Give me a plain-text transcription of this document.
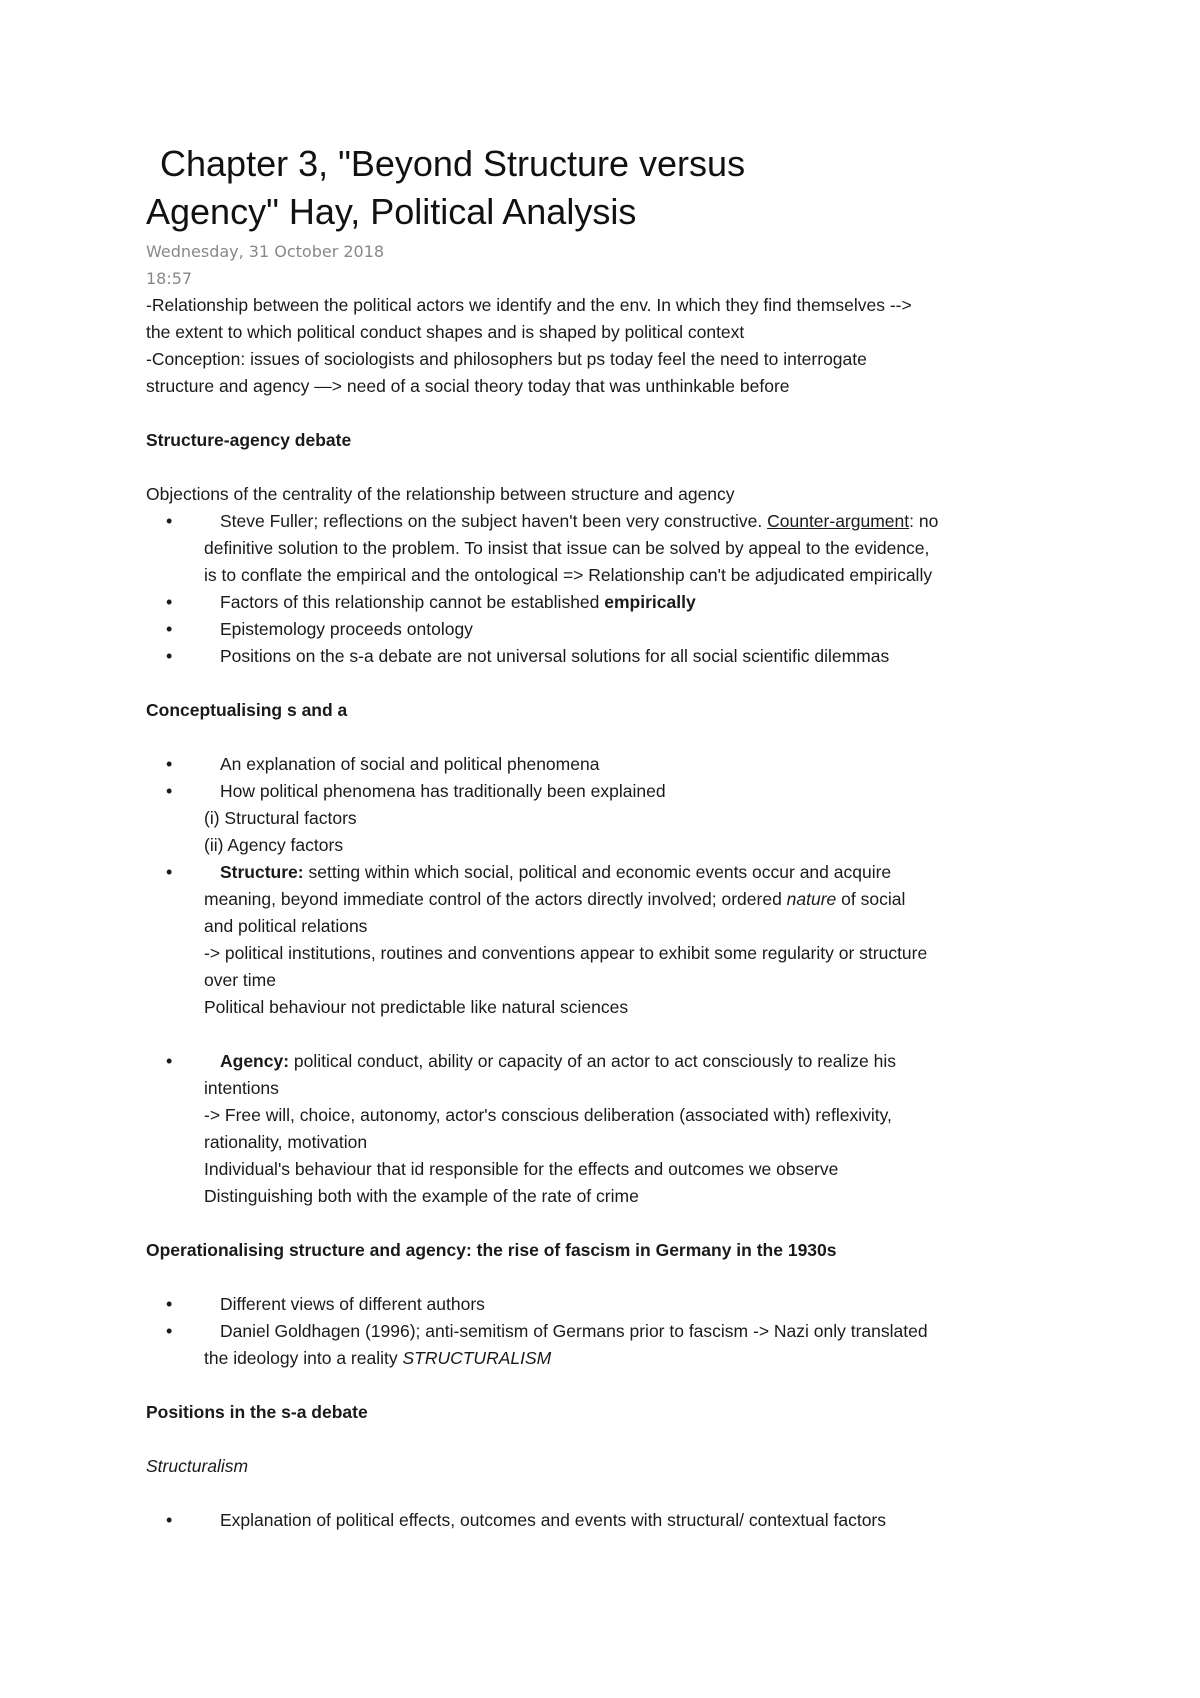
Chapter 3, "Beyond Structure versus
Agency" Hay, Political Analysis
Wednesday, 31 October 2018
18:57
-Relationship between the political actors we identify and the env. In which they find themselves -->
the extent to which political conduct shapes and is shaped by political context
-Conception: issues of sociologists and philosophers but ps today feel the need to interrogate
structure and agency —> need of a social theory today that was unthinkable before
Structure-agency debate
Objections of the centrality of the relationship between structure and agency
•	Steve Fuller; reflections on the subject haven't been very constructive. Counter-argument: no
definitive solution to the problem. To insist that issue can be solved by appeal to the evidence,
is to conflate the empirical and the ontological => Relationship can't be adjudicated empirically
•	Factors of this relationship cannot be established empirically
•	Epistemology proceeds ontology
•	Positions on the s-a debate are not universal solutions for all social scientific dilemmas
Conceptualising s and a
•	An explanation of social and political phenomena
•	How political phenomena has traditionally been explained
(i) Structural factors
(ii) Agency factors
•	Structure: setting within which social, political and economic events occur and acquire
meaning, beyond immediate control of the actors directly involved; ordered nature of social
and political relations
-> political institutions, routines and conventions appear to exhibit some regularity or structure
over time
Political behaviour not predictable like natural sciences
•	Agency: political conduct, ability or capacity of an actor to act consciously to realize his
intentions
-> Free will, choice, autonomy, actor's conscious deliberation (associated with) reflexivity,
rationality, motivation
Individual's behaviour that id responsible for the effects and outcomes we observe
Distinguishing both with the example of the rate of crime
Operationalising structure and agency: the rise of fascism in Germany in the 1930s
•	Different views of different authors
•	Daniel Goldhagen (1996); anti-semitism of Germans prior to fascism -> Nazi only translated
the ideology into a reality STRUCTURALISM
Positions in the s-a debate
Structuralism
•	Explanation of political effects, outcomes and events with structural/ contextual factors
